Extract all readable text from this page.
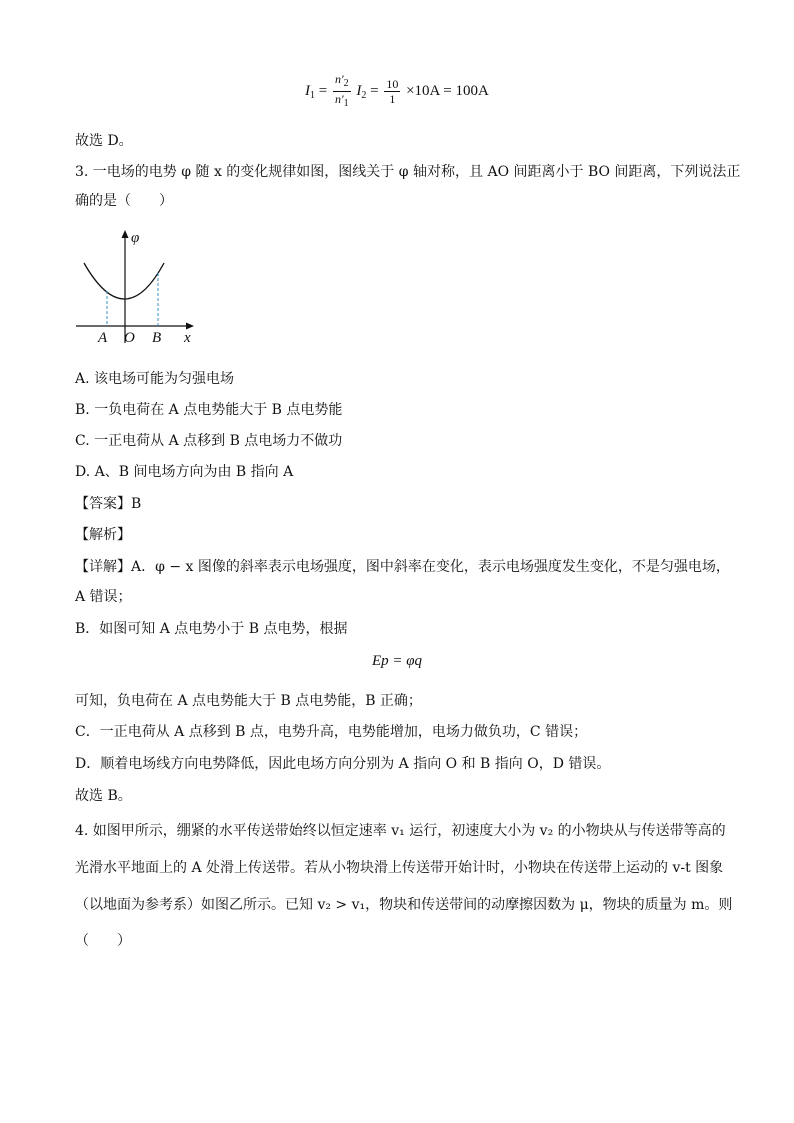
$I_1 = \frac{n'_2}{n'_1} I_2 = \frac{10}{1} \times 10A = 100A$
故选 D。
3. 一电场的电势 φ 随 x 的变化规律如图，图线关于 φ 轴对称，且 AO 间距离小于 BO 间距离，下列说法正
确的是（　　）
φ
x
A O B
A. 该电场可能为匀强电场
B. 一负电荷在 A 点电势能大于 B 点电势能
C. 一正电荷从 A 点移到 B 点电场力不做功
D. A、B 间电场方向为由 B 指向 A
【答案】B
【解析】
【详解】A．φ − x 图像的斜率表示电场强度，图中斜率在变化，表示电场强度发生变化，不是匀强电场，
A 错误；
B．如图可知 A 点电势小于 B 点电势，根据
Ep = φq
可知，负电荷在 A 点电势能大于 B 点电势能，B 正确；
C．一正电荷从 A 点移到 B 点，电势升高，电势能增加，电场力做负功，C 错误；
D．顺着电场线方向电势降低，因此电场方向分别为 A 指向 O 和 B 指向 O，D 错误。
故选 B。
4. 如图甲所示，绷紧的水平传送带始终以恒定速率 v₁ 运行，初速度大小为 v₂ 的小物块从与传送带等高的
光滑水平地面上的 A 处滑上传送带。若从小物块滑上传送带开始计时，小物块在传送带上运动的 v-t 图象
（以地面为参考系）如图乙所示。已知 v₂ > v₁，物块和传送带间的动摩擦因数为 μ，物块的质量为 m。则
（　　）
